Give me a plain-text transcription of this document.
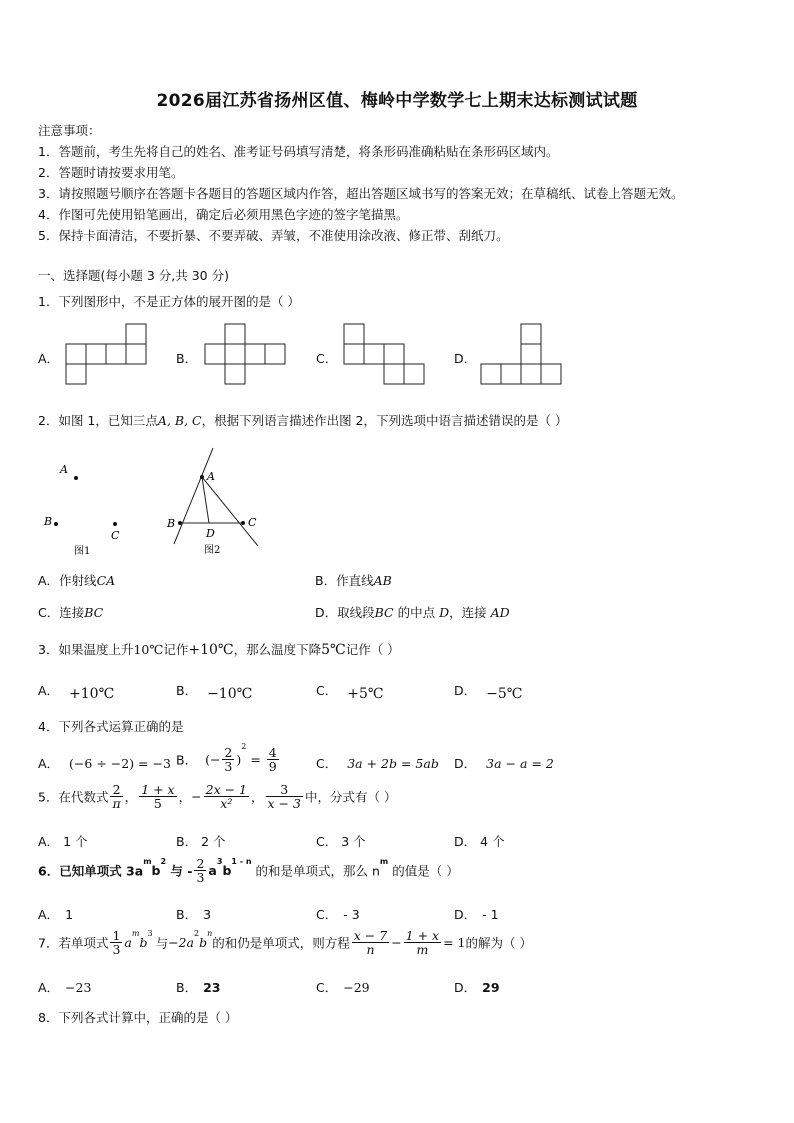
2026届江苏省扬州区值、梅岭中学数学七上期末达标测试试题
注意事项：
1．答题前，考生先将自己的姓名、准考证号码填写清楚，将条形码准确粘贴在条形码区域内。
2．答题时请按要求用笔。
3．请按照题号顺序在答题卡各题目的答题区域内作答，超出答题区域书写的答案无效；在草稿纸、试卷上答题无效。
4．作图可先使用铅笔画出，确定后必须用黑色字迹的签字笔描黑。
5．保持卡面清洁，不要折暴、不要弄破、弄皱，不准使用涂改液、修正带、刮纸刀。
一、选择题(每小题 3 分,共 30 分)
1．下列图形中，不是正方体的展开图的是（ ）
A．	B．	C．	D．
2．如图 1，已知三点A, B, C，根据下列语言描述作出图 2，下列选项中语言描述错误的是（ ）
A
B
C
图1
A
B	C
D
图2
A．作射线CA	B．作直线AB
C．连接BC	D．取线段BC 的中点 D，连接 AD
3．如果温度上升10℃记作+10℃，那么温度下降5℃记作（ ）
A． +10℃	B． −10℃	C． +5℃	D． −5℃
4．下列各式运算正确的是
A． (−6 ÷ −2) = −3 B． (− $\frac{2}{3} )^2 = \frac{4}{9}$	C． 3a + 2b = 5ab D． 3a − a = 2
5．在代数式 $\frac{2}{\pi}$ ， $\frac{1 + x}{5}$ ，− $\frac{2x - 1}{\text{x²}}$ ， $\frac{3}{x - 3}$ 中，分式有（ ）
A． 1 个	B． 2 个	C． 3 个	D． 4 个
6．已知单项式 $3a^mb^2$ 与 - $\frac{2}{3} a^3b^{1 - n}$ 的和是单项式，那么 $n^m$ 的值是（ ）
A． 1	B． 3	C． - 3	D． - 1
7．若单项式 $\frac{1}{3} a^mb^3$与$-2a^2b^n$的和仍是单项式，则方程 $\frac{x - 7}{n} - \frac{1 + x}{m} = 1$的解为（ ）
A． −23	B． 23	C． −29	D． 29
8．下列各式计算中，正确的是（ ）
